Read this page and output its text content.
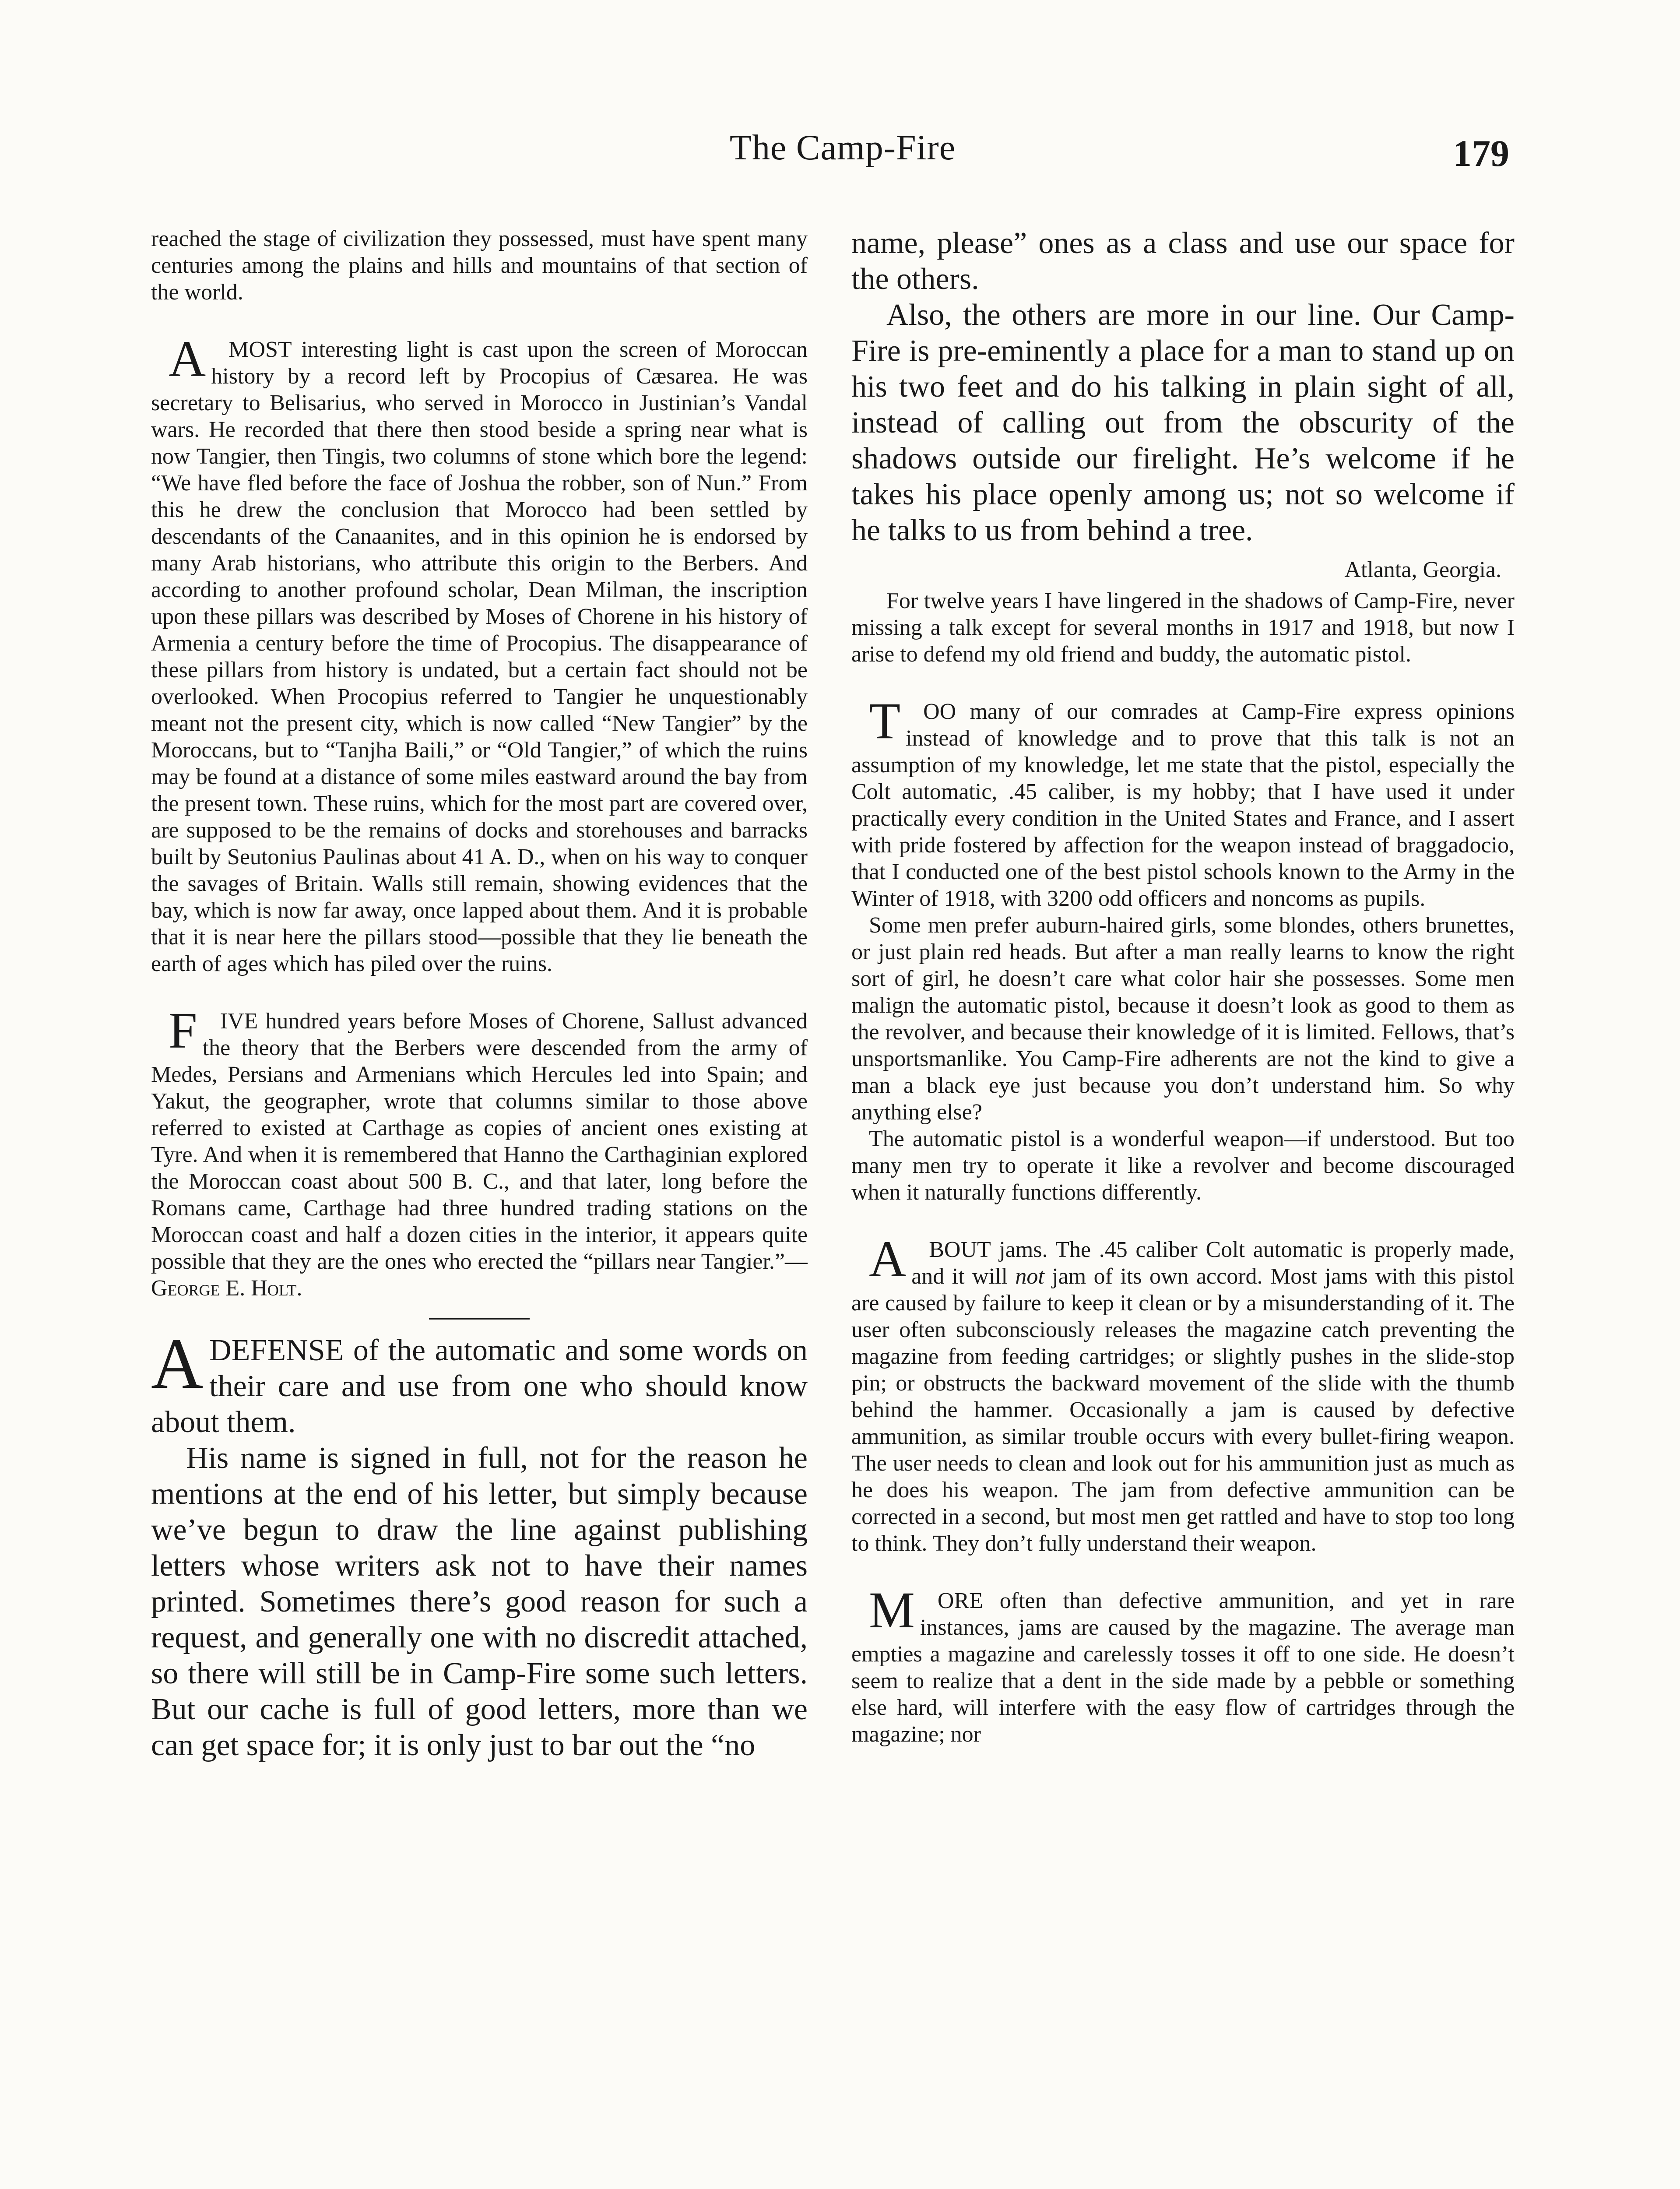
The Camp-Fire	179

reached the stage of civilization they possessed, must have spent many centuries among the plains and hills and mountains of that section of the world.

A MOST interesting light is cast upon the screen of Moroccan history by a record left by Procopius of Cæsarea. He was secretary to Belisarius, who served in Morocco in Justinian’s Vandal wars. He recorded that there then stood beside a spring near what is now Tangier, then Tingis, two columns of stone which bore the legend: “We have fled before the face of Joshua the robber, son of Nun.” From this he drew the conclusion that Morocco had been settled by descendants of the Canaanites, and in this opinion he is endorsed by many Arab historians, who attribute this origin to the Berbers. And according to another profound scholar, Dean Milman, the inscription upon these pillars was described by Moses of Chorene in his history of Armenia a century before the time of Procopius. The disappearance of these pillars from history is undated, but a certain fact should not be overlooked. When Procopius referred to Tangier he unquestionably meant not the present city, which is now called “New Tangier” by the Moroccans, but to “Tanjha Baili,” or “Old Tangier,” of which the ruins may be found at a distance of some miles eastward around the bay from the present town. These ruins, which for the most part are covered over, are supposed to be the remains of docks and storehouses and barracks built by Seutonius Paulinas about 41 A. D., when on his way to conquer the savages of Britain. Walls still remain, showing evidences that the bay, which is now far away, once lapped about them. And it is probable that it is near here the pillars stood—possible that they lie beneath the earth of ages which has piled over the ruins.

F IVE hundred years before Moses of Chorene, Sallust advanced the theory that the Berbers were descended from the army of Medes, Persians and Armenians which Hercules led into Spain; and Yakut, the geographer, wrote that columns similar to those above referred to existed at Carthage as copies of ancient ones existing at Tyre. And when it is remembered that Hanno the Carthaginian explored the Moroccan coast about 500 B. C., and that later, long before the Romans came, Carthage had three hundred trading stations on the Moroccan coast and half a dozen cities in the interior, it appears quite possible that they are the ones who erected the “pillars near Tangier.”—George E. Holt.

A DEFENSE of the automatic and some words on their care and use from one who should know about them.

His name is signed in full, not for the reason he mentions at the end of his letter, but simply because we’ve begun to draw the line against publishing letters whose writers ask not to have their names printed. Sometimes there’s good reason for such a request, and generally one with no discredit attached, so there will still be in Camp-Fire some such letters. But our cache is full of good letters, more than we can get space for; it is only just to bar out the “no

name, please” ones as a class and use our space for the others.

Also, the others are more in our line. Our Camp-Fire is pre-eminently a place for a man to stand up on his two feet and do his talking in plain sight of all, instead of calling out from the obscurity of the shadows outside our firelight. He’s welcome if he takes his place openly among us; not so welcome if he talks to us from behind a tree.

Atlanta, Georgia.

For twelve years I have lingered in the shadows of Camp-Fire, never missing a talk except for several months in 1917 and 1918, but now I arise to defend my old friend and buddy, the automatic pistol.

T OO many of our comrades at Camp-Fire express opinions instead of knowledge and to prove that this talk is not an assumption of my knowledge, let me state that the pistol, especially the Colt automatic, .45 caliber, is my hobby; that I have used it under practically every condition in the United States and France, and I assert with pride fostered by affection for the weapon instead of braggadocio, that I conducted one of the best pistol schools known to the Army in the Winter of 1918, with 3200 odd officers and noncoms as pupils.

Some men prefer auburn-haired girls, some blondes, others brunettes, or just plain red heads. But after a man really learns to know the right sort of girl, he doesn’t care what color hair she possesses. Some men malign the automatic pistol, because it doesn’t look as good to them as the revolver, and because their knowledge of it is limited. Fellows, that’s unsportsmanlike. You Camp-Fire adherents are not the kind to give a man a black eye just because you don’t understand him. So why anything else?

The automatic pistol is a wonderful weapon—if understood. But too many men try to operate it like a revolver and become discouraged when it naturally functions differently.

A BOUT jams. The .45 caliber Colt automatic is properly made, and it will not jam of its own accord. Most jams with this pistol are caused by failure to keep it clean or by a misunderstanding of it. The user often subconsciously releases the magazine catch preventing the magazine from feeding cartridges; or slightly pushes in the slide-stop pin; or obstructs the backward movement of the slide with the thumb behind the hammer. Occasionally a jam is caused by defective ammunition, as similar trouble occurs with every bullet-firing weapon. The user needs to clean and look out for his ammunition just as much as he does his weapon. The jam from defective ammunition can be corrected in a second, but most men get rattled and have to stop too long to think. They don’t fully understand their weapon.

M ORE often than defective ammunition, and yet in rare instances, jams are caused by the magazine. The average man empties a magazine and carelessly tosses it off to one side. He doesn’t seem to realize that a dent in the side made by a pebble or something else hard, will interfere with the easy flow of cartridges through the magazine; nor
